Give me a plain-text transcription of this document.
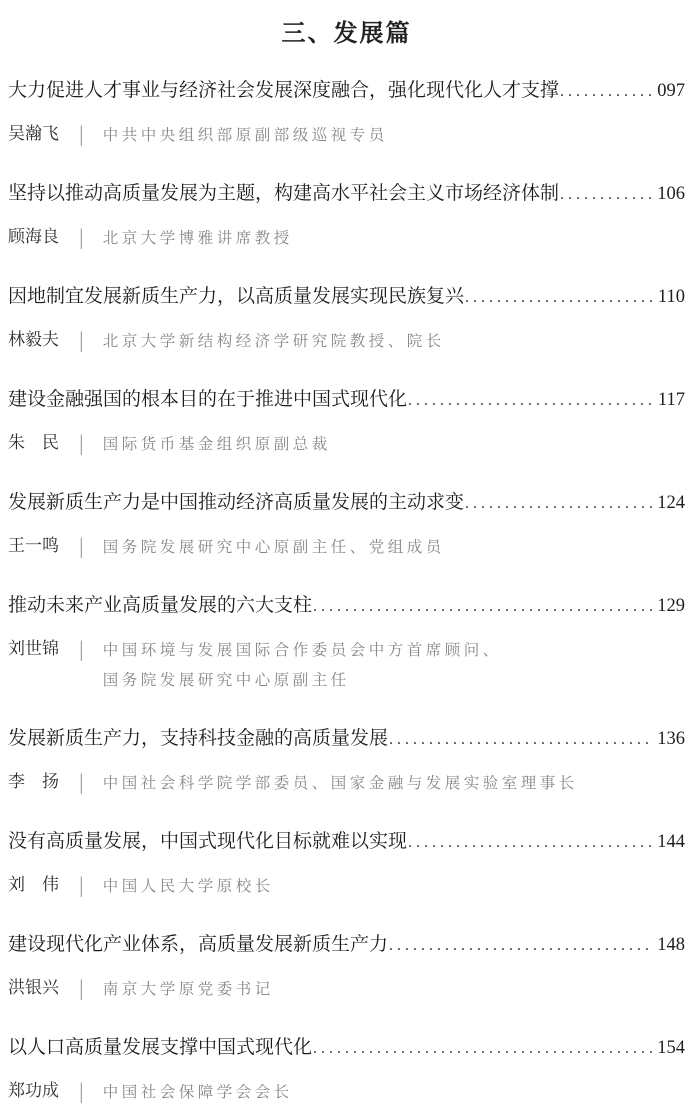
三、发展篇
大力促进人才事业与经济社会发展深度融合，强化现代化人才支撑 .....	097
吴瀚飞	| 中共中央组织部原副部级巡视专员
坚持以推动高质量发展为主题，构建高水平社会主义市场经济体制 .....	106
顾海良	| 北京大学博雅讲席教授
因地制宜发展新质生产力，以高质量发展实现民族复兴 .....	110
林毅夫	| 北京大学新结构经济学研究院教授、院长
建设金融强国的根本目的在于推进中国式现代化 .....	117
朱　民	| 国际货币基金组织原副总裁
发展新质生产力是中国推动经济高质量发展的主动求变 .....	124
王一鸣	| 国务院发展研究中心原副主任、党组成员
推动未来产业高质量发展的六大支柱 .....	129
刘世锦	| 中国环境与发展国际合作委员会中方首席顾问、
国务院发展研究中心原副主任
发展新质生产力，支持科技金融的高质量发展 .....	136
李　扬	| 中国社会科学院学部委员、国家金融与发展实验室理事长
没有高质量发展，中国式现代化目标就难以实现 .....	144
刘　伟	| 中国人民大学原校长
建设现代化产业体系，高质量发展新质生产力 .....	148
洪银兴	| 南京大学原党委书记
以人口高质量发展支撑中国式现代化 .....	154
郑功成	| 中国社会保障学会会长
